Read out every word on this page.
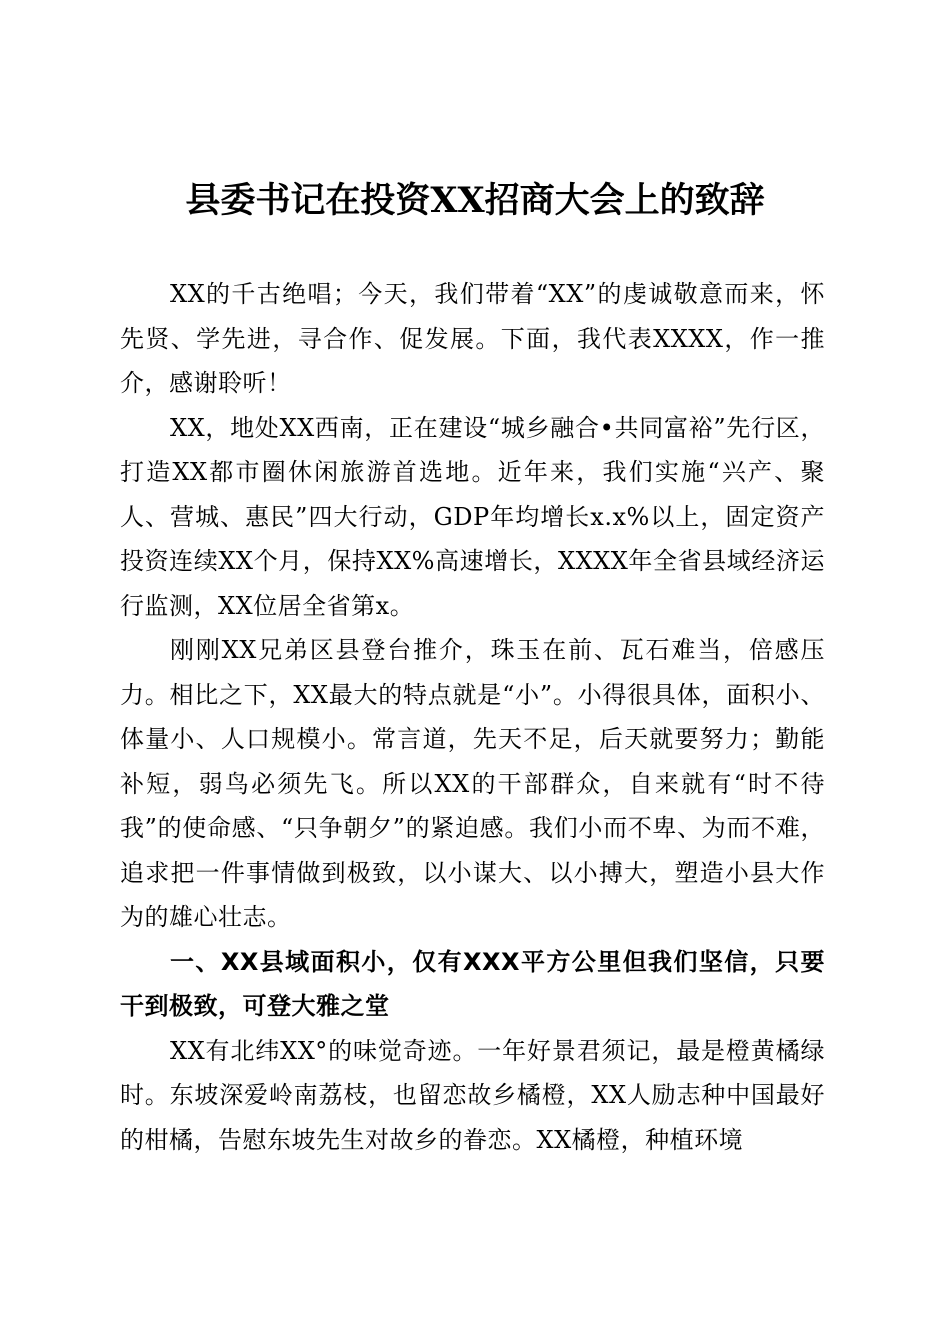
县委书记在投资XX招商大会上的致辞

XX的千古绝唱；今天，我们带着“XX”的虔诚敬意而来，怀先贤、学先进，寻合作、促发展。下面，我代表XXXX，作一推介，感谢聆听！

XX，地处XX西南，正在建设“城乡融合•共同富裕”先行区，打造XX都市圈休闲旅游首选地。近年来，我们实施“兴产、聚人、营城、惠民”四大行动，GDP年均增长x.x%以上，固定资产投资连续XX个月，保持XX%高速增长，XXXX年全省县域经济运行监测，XX位居全省第x。

刚刚XX兄弟区县登台推介，珠玉在前、瓦石难当，倍感压力。相比之下，XX最大的特点就是“小”。小得很具体，面积小、体量小、人口规模小。常言道，先天不足，后天就要努力；勤能补短，弱鸟必须先飞。所以XX的干部群众，自来就有“时不待我”的使命感、“只争朝夕”的紧迫感。我们小而不卑、为而不难，追求把一件事情做到极致，以小谋大、以小搏大，塑造小县大作为的雄心壮志。

一、XX县域面积小，仅有XXX平方公里但我们坚信，只要干到极致，可登大雅之堂

XX有北纬XX°的味觉奇迹。一年好景君须记，最是橙黄橘绿时。东坡深爱岭南荔枝，也留恋故乡橘橙，XX人励志种中国最好的柑橘，告慰东坡先生对故乡的眷恋。XX橘橙，种植环境
